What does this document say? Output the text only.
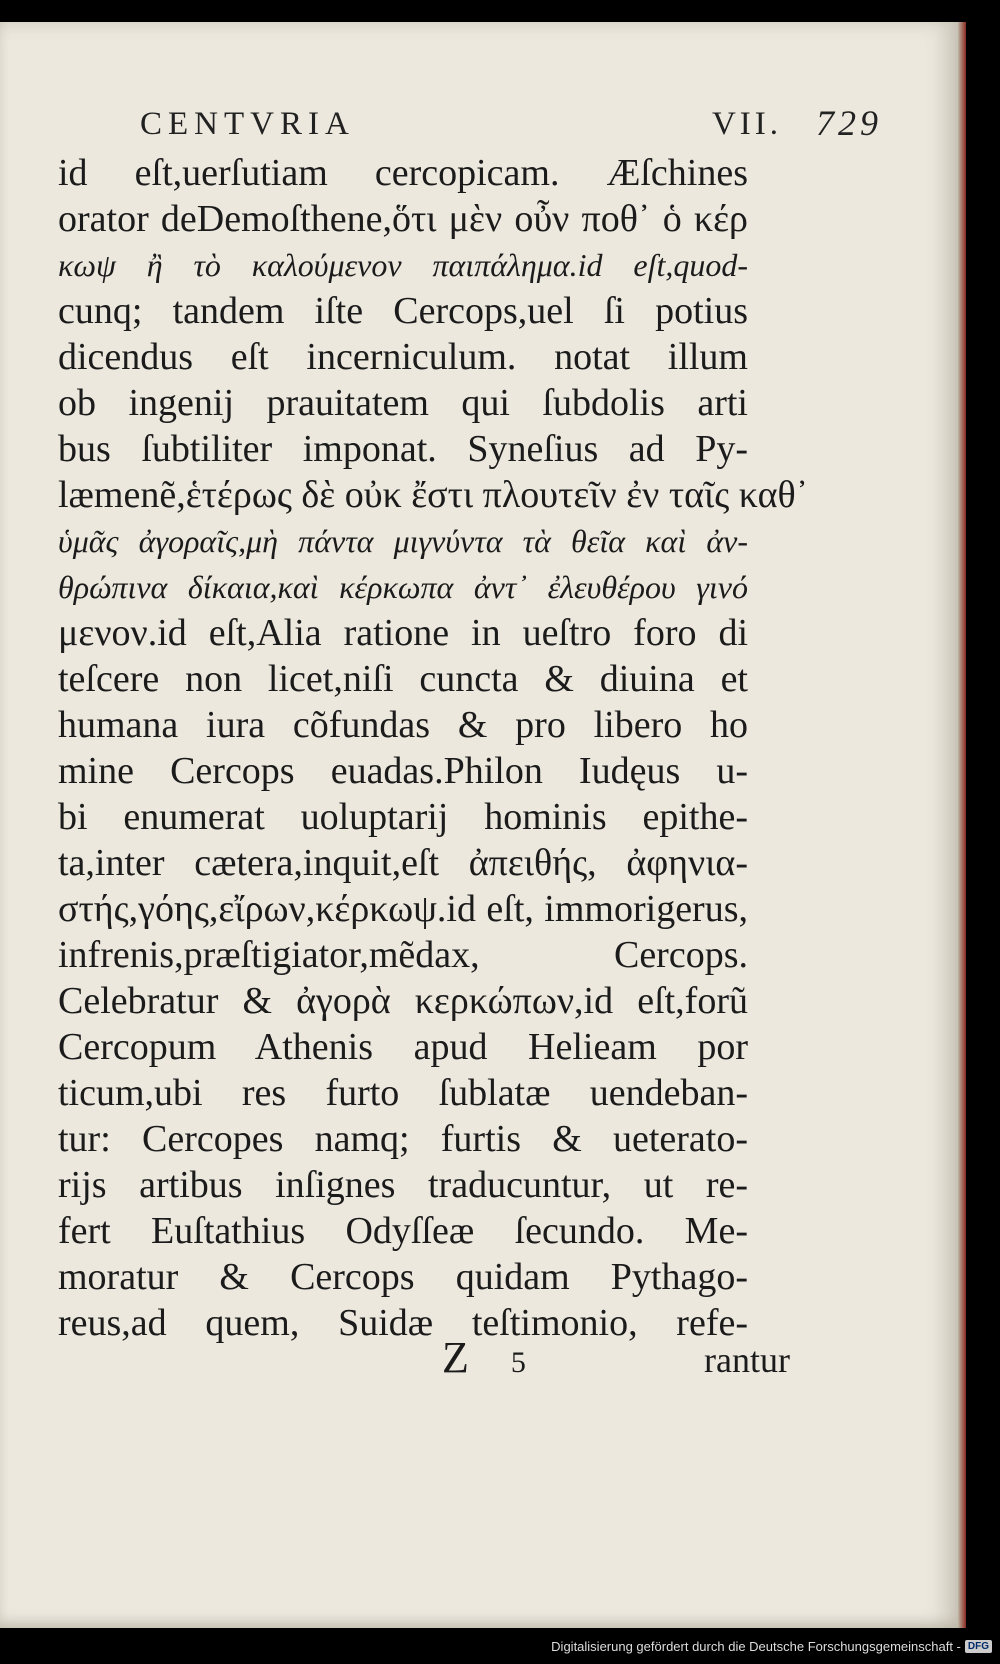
CENTVRIA	VII. 729
id eſt,uerſutiam cercopicam. Æſchines
orator deDemoſthene,ὅτι μὲν οὖν ποθ᾽ ὁ κέρ
κωψ ἢ τὸ καλούμενον παιπάλημα.id eſt,quod-
cunq; tandem iſte Cercops,uel ſi potius
dicendus eſt incerniculum. notat illum
ob ingenij prauitatem qui ſubdolis arti
bus ſubtiliter imponat. Syneſius ad Py-
læmenẽ,ἑτέρως δὲ οὐκ ἔστι πλουτεῖν ἐν ταῖς καθ᾽
ὑμᾶς ἀγοραῖς,μὴ πάντα μιγνύντα τὰ θεῖα καὶ ἀν-
θρώπινα δίκαια,καὶ κέρκωπα ἀντ᾽ ἐλευθέρου γινό
μενον.id eſt,Alia ratione in ueſtro foro di
teſcere non licet,niſi cuncta & diuina et
humana iura cõfundas & pro libero ho
mine Cercops euadas.Philon Iudęus u-
bi enumerat uoluptarij hominis epithe-
ta,inter cætera,inquit,eſt ἀπειθής, ἀφηνια-
στής,γόης,εἴρων,κέρκωψ.id eſt, immorigerus,
infrenis,præſtigiator,mẽdax, Cercops.
Celebratur & ἀγορὰ κερκώπων,id eſt,forũ
Cercopum Athenis apud Helieam por
ticum,ubi res furto ſublatæ uendeban-
tur: Cercopes namq; furtis & ueterato-
rijs artibus inſignes traducuntur, ut re-
fert Euſtathius Odyſſeæ ſecundo. Me-
moratur & Cercops quidam Pythago-
reus,ad quem, Suidæ teſtimonio, refe-
Z 5	rantur
Digitalisierung gefördert durch die Deutsche Forschungsgemeinschaft - DFG
